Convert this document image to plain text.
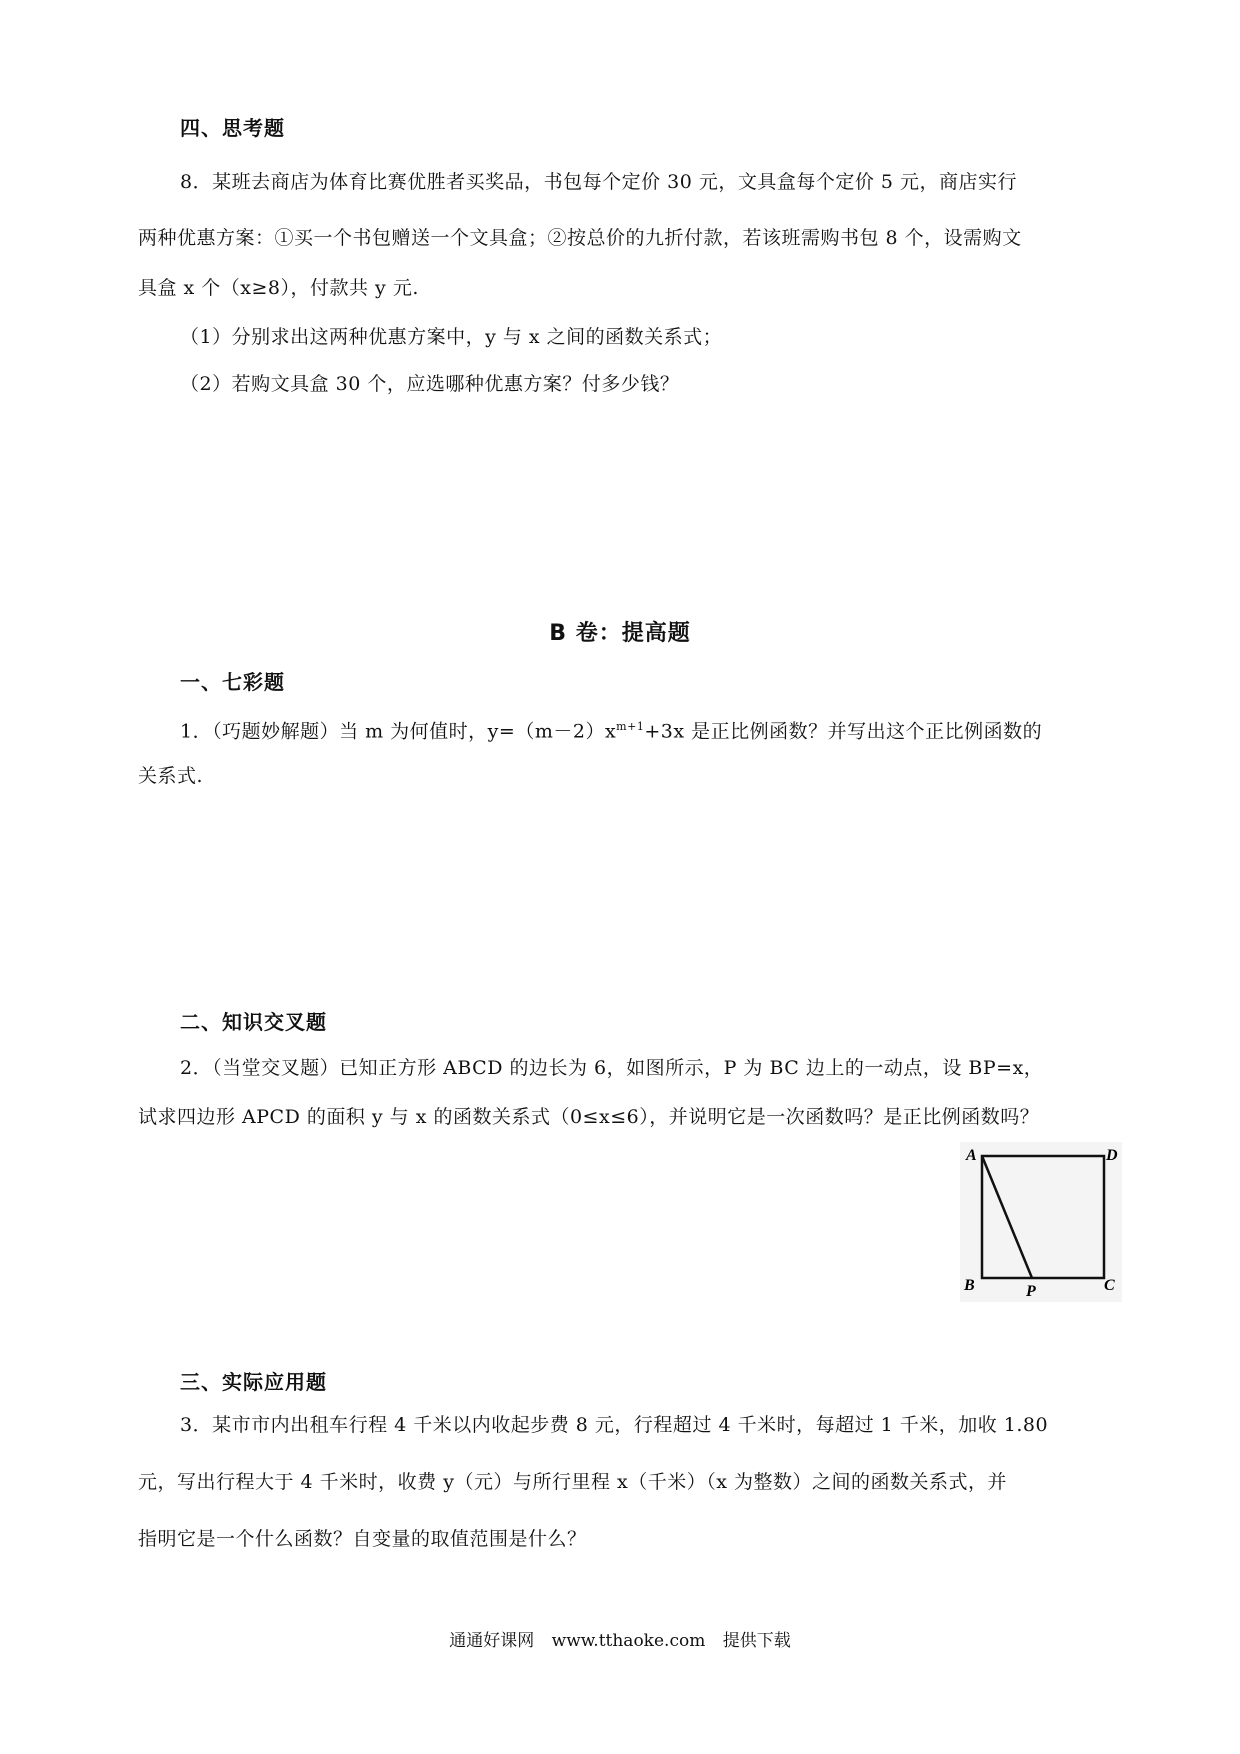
四、思考题
8．某班去商店为体育比赛优胜者买奖品，书包每个定价 30 元，文具盒每个定价 5 元，商店实行
两种优惠方案：①买一个书包赠送一个文具盒；②按总价的九折付款，若该班需购书包 8 个，设需购文
具盒 x 个（x≥8），付款共 y 元.
（1）分别求出这两种优惠方案中，y 与 x 之间的函数关系式；
（2）若购文具盒 30 个，应选哪种优惠方案？付多少钱？
B 卷：提高题
一、七彩题
1．（巧题妙解题）当 m 为何值时，$y=(m-2)x^{m+1}+3x$ 是正比例函数？并写出这个正比例函数的
关系式.
二、知识交叉题
2．（当堂交叉题）已知正方形 ABCD 的边长为 6，如图所示，P 为 BC 边上的一动点，设 BP=x，
试求四边形 APCD 的面积 y 与 x 的函数关系式（0≤x≤6），并说明它是一次函数吗？是正比例函数吗？
A	D
B	C
P
三、实际应用题
3．某市市内出租车行程 4 千米以内收起步费 8 元，行程超过 4 千米时，每超过 1 千米，加收 1.80
元，写出行程大于 4 千米时，收费 y（元）与所行里程 x（千米）（x 为整数）之间的函数关系式，并
指明它是一个什么函数？自变量的取值范围是什么？
通通好课网 www.tthaoke.com 提供下载
